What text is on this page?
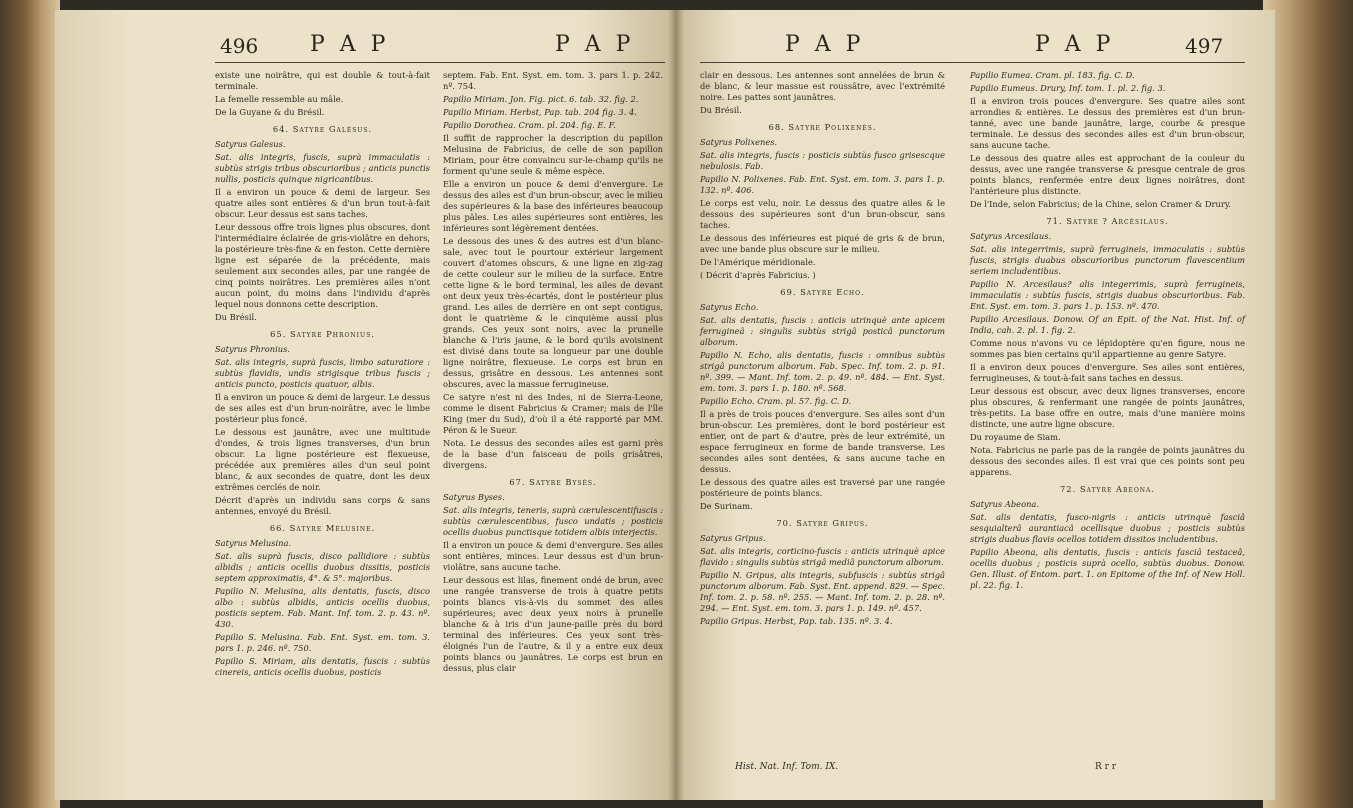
496 P A P	P A P

existe une noirâtre, qui est double & tout-à-fait terminale.

La femelle ressemble au mâle.

De la Guyane & du Brésil.

64. Satyre Galésus.

Satyrus Galesus.

Sat. alis integris, fuscis, suprà immaculatis : subtùs strigis tribus obscurioribus ; anticis punctis nullis, posticis quinque nigricantibus.

Il a environ un pouce & demi de largeur. Ses quatre ailes sont entières & d'un brun tout-à-fait obscur. Leur dessus est sans taches.

Leur dessous offre trois lignes plus obscures, dont l'intermédiaire éclairée de gris-violâtre en dehors, la postérieure très-fine & en feston. Cette dernière ligne est séparée de la précédente, mais seulement aux secondes ailes, par une rangée de cinq points noirâtres. Les premières ailes n'ont aucun point, du moins dans l'individu d'après lequel nous donnons cette description.

Du Brésil.

65. Satyre Phronius.

Satyrus Phronius.

Sat. alis integris, suprà fuscis, limbo saturatiore : subtùs flavidis, undis strigisque tribus fuscis ; anticis puncto, posticis quatuor, albis.

Il a environ un pouce & demi de largeur. Le dessus de ses ailes est d'un brun-noirâtre, avec le limbe postérieur plus foncé.

Le dessous est jaunâtre, avec une multitude d'ondes, & trois lignes transverses, d'un brun obscur. La ligne postérieure est flexueuse, précédée aux premières ailes d'un seul point blanc, & aux secondes de quatre, dont les deux extrêmes cerclés de noir.

Décrit d'après un individu sans corps & sans antennes, envoyé du Brésil.

66. Satyre Mélusine.

Satyrus Melusina.

Sat. alis suprà fuscis, disco pallidiore : subtùs albidis ; anticis ocellis duobus dissitis, posticis septem approximatis, 4°. & 5°. majoribus.

Papilio N. Melusina, alis dentatis, fuscis, disco albo : subtùs albidis, anticis ocellis duobus, posticis septem. Fab. Mant. Inf. tom. 2. p. 43. nº. 430.

Papilio S. Melusina. Fab. Ent. Syst. em. tom. 3. pars 1. p. 246. nº. 750.

Papilio S. Miriam, alis dentatis, fuscis : subtùs cinereis, anticis ocellis duobus, posticis

septem. Fab. Ent. Syst. em. tom. 3. pars 1. p. 242. nº. 754.

Papilio Miriam. Jon. Fig. pict. 6. tab. 32. fig. 2.

Papilio Miriam. Herbst, Pap. tab. 204 fig. 3. 4.

Papilio Dorothea. Cram. pl. 204. fig. E. F.

Il suffit de rapprocher la description du papillon Melusina de Fabricius, de celle de son papillon Miriam, pour être convaincu sur-le-champ qu'ils ne forment qu'une seule & même espèce.

Elle a environ un pouce & demi d'envergure. Le dessus des ailes est d'un brun-obscur, avec le milieu des supérieures & la base des inférieures beaucoup plus pâles. Les ailes supérieures sont entières, les inférieures sont légèrement dentées.

Le dessous des unes & des autres est d'un blanc-sale, avec tout le pourtour extérieur largement couvert d'atomes obscurs, & une ligne en zig-zag de cette couleur sur le milieu de la surface. Entre cette ligne & le bord terminal, les ailes de devant ont deux yeux très-écartés, dont le postérieur plus grand. Les ailes de derrière en ont sept contigus, dont le quatrième & le cinquième aussi plus grands. Ces yeux sont noirs, avec la prunelle blanche & l'iris jaune, & le bord qu'ils avoisinent est divisé dans toute sa longueur par une double ligne noirâtre, flexueuse. Le corps est brun en dessus, grisâtre en dessous. Les antennes sont obscures, avec la massue ferrugineuse.

Ce satyre n'est ni des Indes, ni de Sierra-Leone, comme le disent Fabricius & Cramer; mais de l'île King (mer du Sud), d'où il a été rapporté par MM. Péron & le Sueur.

Nota. Le dessus des secondes ailes est garni près de la base d'un faisceau de poils grisâtres, divergens.

67. Satyre Bysès.

Satyrus Byses.

Sat. alis integris, teneris, suprà cærulescentifuscis : subtùs cærulescentibus, fusco undatis ; posticis ocellis duobus punctisque totidem albis interjectis.

Il a environ un pouce & demi d'envergure. Ses ailes sont entières, minces. Leur dessus est d'un brun-violâtre, sans aucune tache.

Leur dessous est lilas, finement ondé de brun, avec une rangée transverse de trois à quatre petits points blancs vis-à-vis du sommet des ailes supérieures; avec deux yeux noirs à prunelle blanche & à iris d'un jaune-paille près du bord terminal des inférieures. Ces yeux sont très-éloignés l'un de l'autre, & il y a entre eux deux points blancs ou jaunâtres. Le corps est brun en dessus, plus clair

P A P	P A P	497

clair en dessous. Les antennes sont annelées de brun & de blanc, & leur massue est roussâtre, avec l'extrémité noire. Les pattes sont jaunâtres.

Du Brésil.

68. Satyre Polixenès.

Satyrus Polixenes.

Sat. alis integris, fuscis : posticis subtùs fusco grisescque nebulosis. Fab.

Papilio N. Polixenes. Fab. Ent. Syst. em. tom. 3. pars 1. p. 132. nº. 406.

Le corps est velu, noir. Le dessus des quatre ailes & le dessous des supérieures sont d'un brun-obscur, sans taches.

Le dessous des inférieures est piqué de gris & de brun, avec une bande plus obscure sur le milieu.

De l'Amérique méridionale.

( Décrit d'après Fabricius. )

69. Satyre Echo.

Satyrus Echo.

Sat. alis dentatis, fuscis : anticis utrinquè ante apicem ferrugineâ : singulis subtùs strigâ posticâ punctorum alborum.

Papilio N. Echo, alis dentatis, fuscis : omnibus subtùs strigâ punctorum alborum. Fab. Spec. Inf. tom. 2. p. 91. nº. 399. — Mant. Inf. tom. 2. p. 49. nº. 484. — Ent. Syst. em. tom. 3. pars 1. p. 180. nº. 568.

Papilio Echo. Cram. pl. 57. fig. C. D.

Il a près de trois pouces d'envergure. Ses ailes sont d'un brun-obscur. Les premières, dont le bord postérieur est entier, ont de part & d'autre, près de leur extrémité, un espace ferrugineux en forme de bande transverse. Les secondes ailes sont dentées, & sans aucune tache en dessus.

Le dessous des quatre ailes est traversé par une rangée postérieure de points blancs.

De Surinam.

70. Satyre Gripus.

Satyrus Gripus.

Sat. alis integris, corticino-fuscis : anticis utrinquè apice flavido : singulis subtùs strigâ mediâ punctorum alborum.

Papilio N. Gripus, alis integris, subfuscis : subtùs strigâ punctorum alborum. Fab. Syst. Ent. append. 829. — Spec. Inf. tom. 2. p. 58. nº. 255. — Mant. Inf. tom. 2. p. 28. nº. 294. — Ent. Syst. em. tom. 3. pars 1. p. 149. nº. 457.

Papilio Gripus. Herbst, Pap. tab. 135. nº. 3. 4.

Papilio Eumea. Cram. pl. 183. fig. C. D.

Papilio Eumeus. Drury, Inf. tom. 1. pl. 2. fig. 3.

Il a environ trois pouces d'envergure. Ses quatre ailes sont arrondies & entières. Le dessus des premières est d'un brun-tanné, avec une bande jaunâtre, large, courbe & presque terminale. Le dessus des secondes ailes est d'un brun-obscur, sans aucune tache.

Le dessous des quatre ailes est approchant de la couleur du dessus, avec une rangée transverse & presque centrale de gros points blancs, renfermée entre deux lignes noirâtres, dont l'antérieure plus distincte.

De l'Inde, selon Fabricius; de la Chine, selon Cramer & Drury.

71. Satyre ? Arcésilaus.

Satyrus Arcesilaus.

Sat. alis integerrimis, suprà ferrugineis, immaculatis : subtùs fuscis, strigis duabus obscurioribus punctorum flavescentium seriem includentibus.

Papilio N. Arcesilaus? alis integerrimis, suprà ferrugineis, immaculatis : subtùs fuscis, strigis duabus obscurioribus. Fab. Ent. Syst. em. tom. 3. pars 1. p. 153. nº. 470.

Papilio Arcesilaus. Donow. Of an Epit. of the Nat. Hist. Inf. of India, cah. 2. pl. 1. fig. 2.

Comme nous n'avons vu ce lépidoptère qu'en figure, nous ne sommes pas bien certains qu'il appartienne au genre Satyre.

Il a environ deux pouces d'envergure. Ses ailes sont entières, ferrugineuses, & tout-à-fait sans taches en dessus.

Leur dessous est obscur, avec deux lignes transverses, encore plus obscures, & renfermant une rangée de points jaunâtres, très-petits. La base offre en outre, mais d'une manière moins distincte, une autre ligne obscure.

Du royaume de Siam.

Nota. Fabricius ne parle pas de la rangée de points jaunâtres du dessous des secondes ailes. Il est vrai que ces points sont peu apparens.

72. Satyre Abeona.

Satyrus Abeona.

Sat. alis dentatis, fusco-nigris : anticis utrinquè fasciâ sesquialterâ aurantiacâ ocellisque duobus ; posticis subtùs strigis duabus flavis ocellos totidem dissitos includentibus.

Papilio Abeona, alis dentatis, fuscis : anticis fasciâ testaceâ, ocellis duobus ; posticis suprà ocello, subtùs duobus. Donow. Gen. Illust. of Entom. part. 1. on Epitome of the Inf. of New Holl. pl. 22. fig. 1.

Hist. Nat. Inf. Tom. IX.	R r r
